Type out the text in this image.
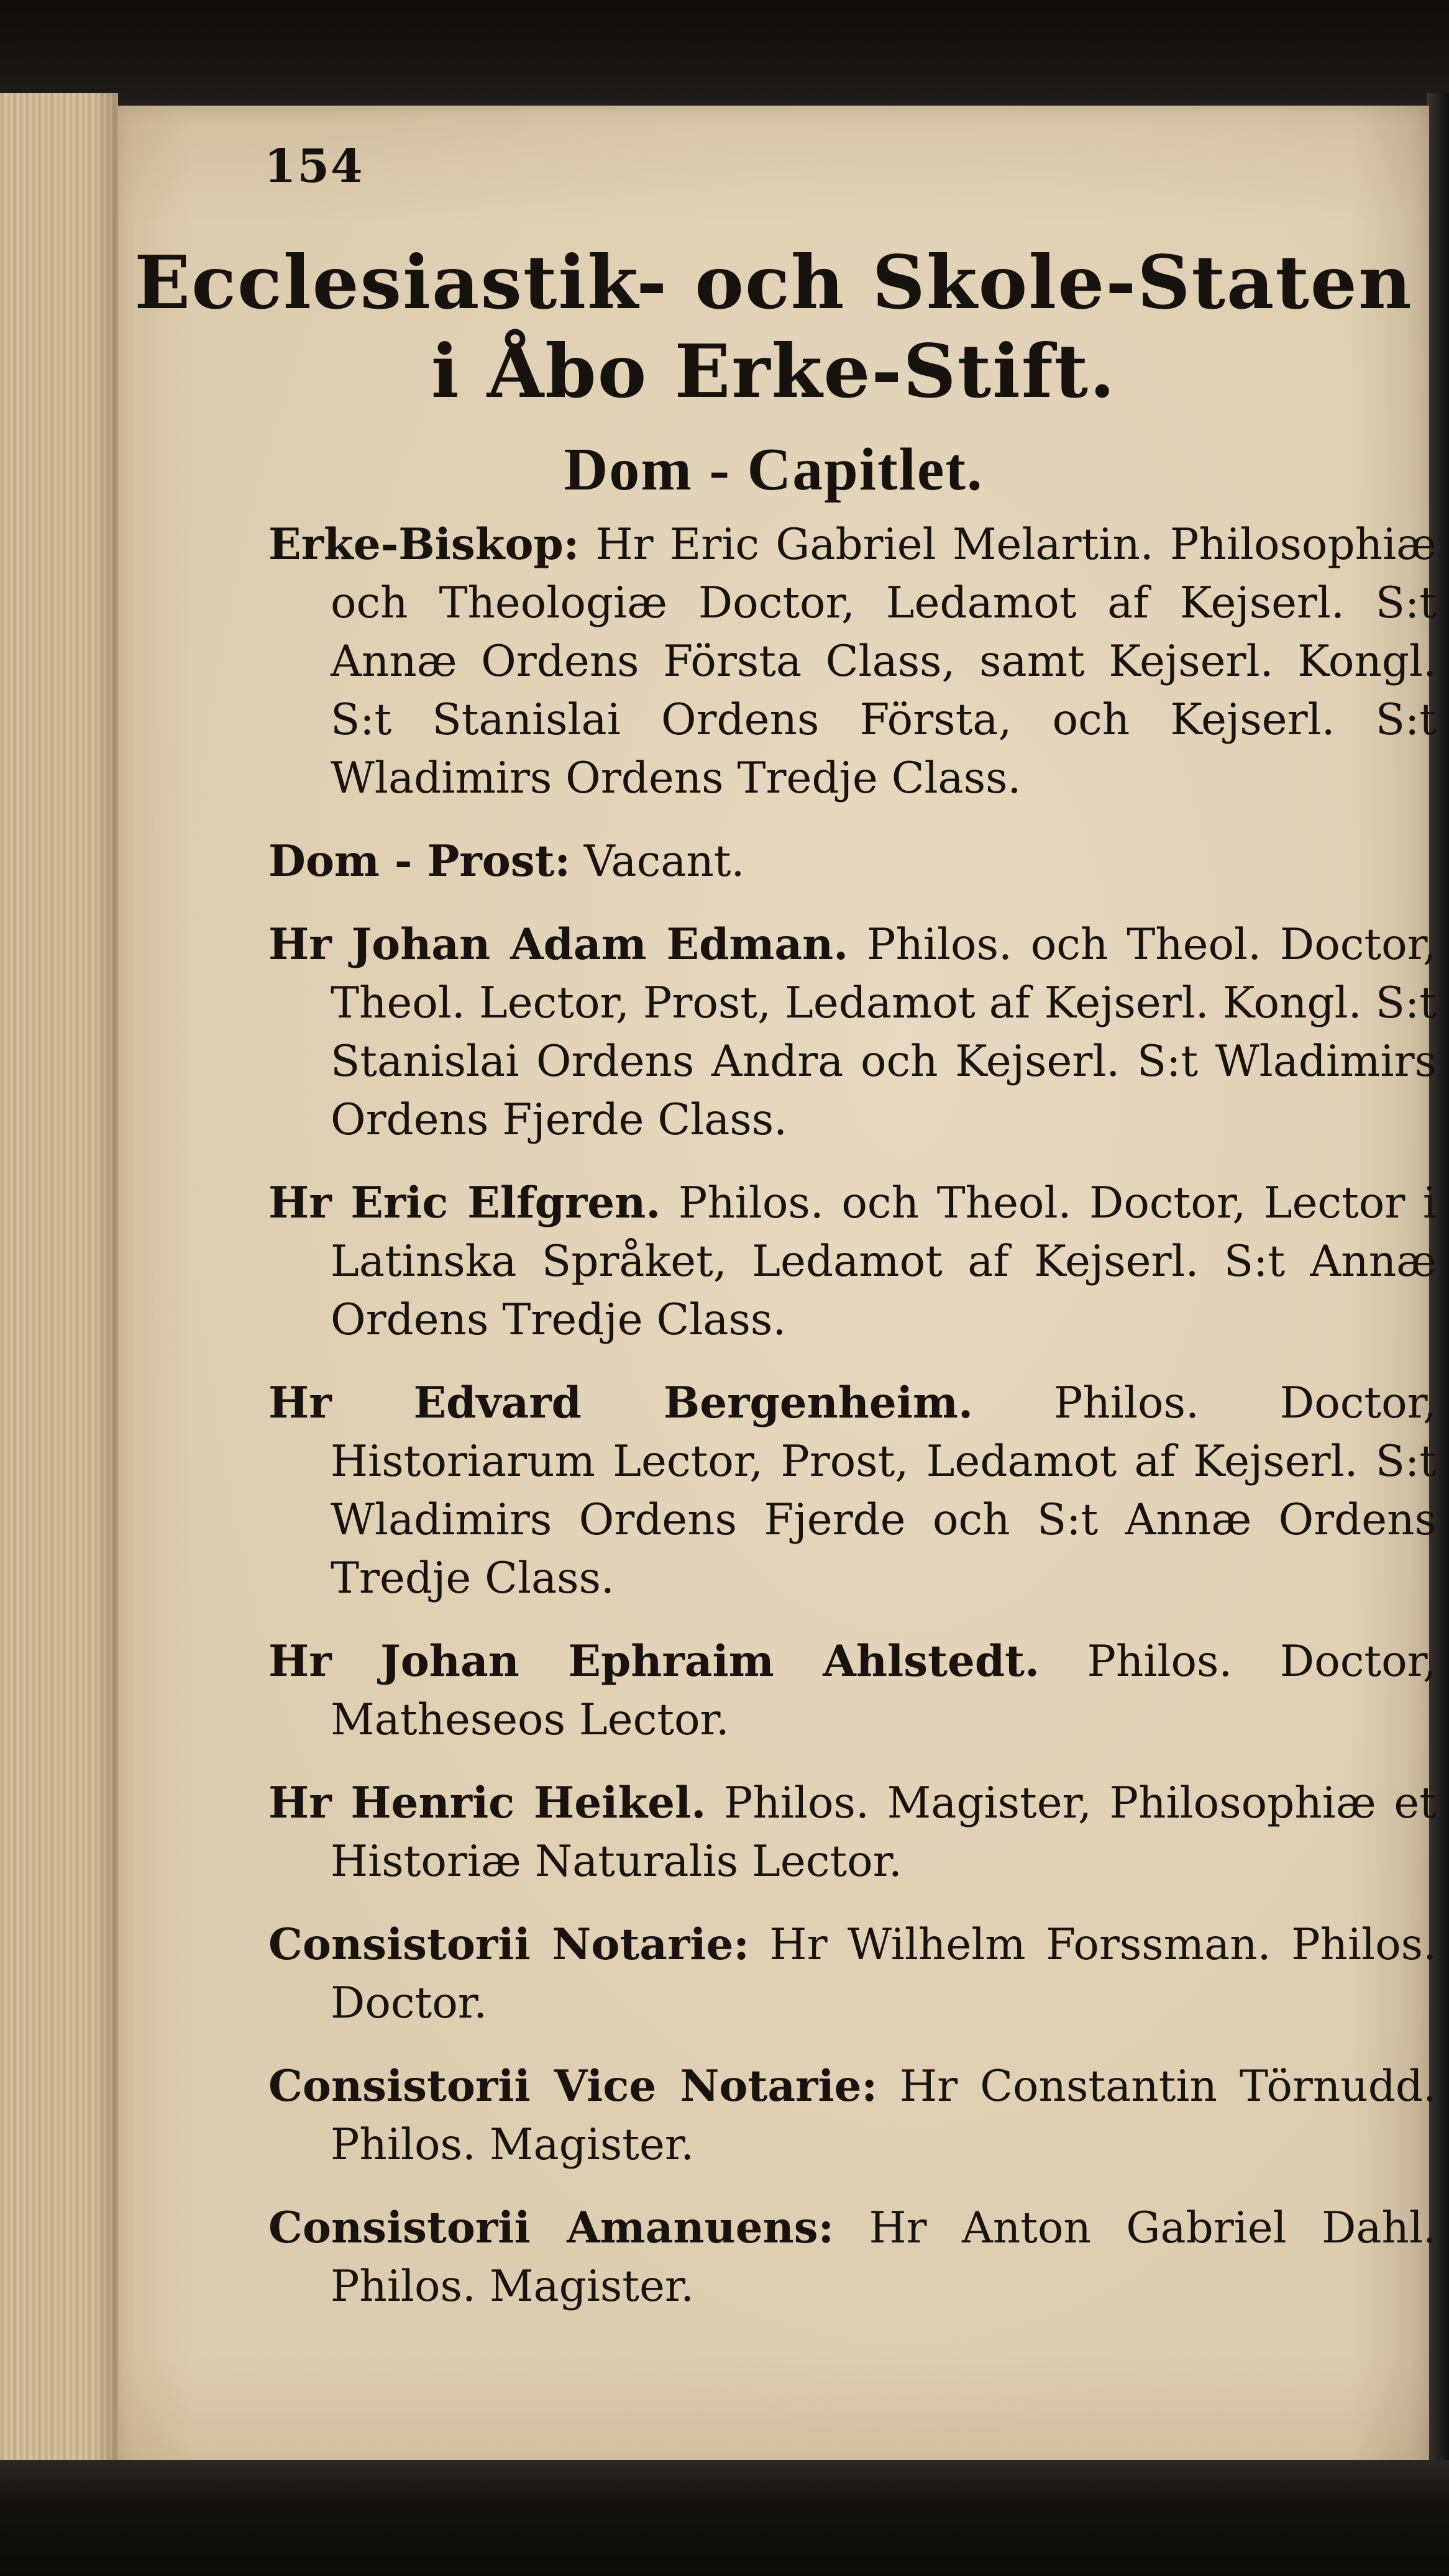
154
Ecclesiastik- och Skole-Staten
i Åbo Erke-Stift.
Dom - Capitlet.

Erke-Biskop: Hr Eric Gabriel Melartin. Philosophiæ och Theologiæ Doctor, Ledamot af Kejserl. S:t Annæ Ordens Första Class, samt Kejserl. Kongl. S:t Stanislai Ordens Första, och Kejserl. S:t Wladimirs Ordens Tredje Class.

Dom - Prost: Vacant.

Hr Johan Adam Edman. Philos. och Theol. Doctor, Theol. Lector, Prost, Ledamot af Kejserl. Kongl. S:t Stanislai Ordens Andra och Kejserl. S:t Wladimirs Ordens Fjerde Class.

Hr Eric Elfgren. Philos. och Theol. Doctor, Lector i Latinska Språket, Ledamot af Kejserl. S:t Annæ Ordens Tredje Class.

Hr Edvard Bergenheim. Philos. Doctor, Historiarum Lector, Prost, Ledamot af Kejserl. S:t Wladimirs Ordens Fjerde och S:t Annæ Ordens Tredje Class.

Hr Johan Ephraim Ahlstedt. Philos. Doctor, Matheseos Lector.

Hr Henric Heikel. Philos. Magister, Philosophiæ et Historiæ Naturalis Lector.

Consistorii Notarie: Hr Wilhelm Forssman. Philos. Doctor.

Consistorii Vice Notarie: Hr Constantin Törnudd. Philos. Magister.

Consistorii Amanuens: Hr Anton Gabriel Dahl. Philos. Magister.
